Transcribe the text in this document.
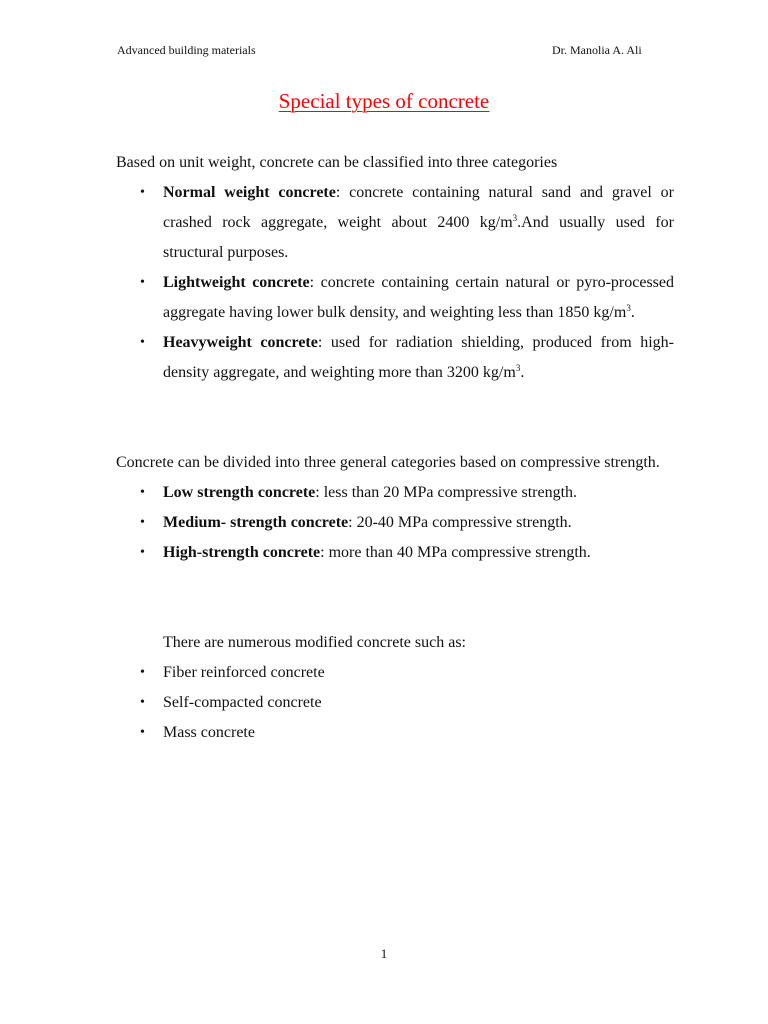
Advanced building materials	Dr. Manolia A. Ali
Special types of concrete

Based on unit weight, concrete can be classified into three categories

• Normal weight concrete: concrete containing natural sand and gravel or crashed rock aggregate, weight about 2400 $kg/m^3.And$ usually used for structural purposes.
• Lightweight concrete: concrete containing certain natural or pyro-processed aggregate having lower bulk density, and weighting less than 1850 $kg/m^3$.
• Heavyweight concrete: used for radiation shielding, produced from high-density aggregate, and weighting more than 3200 $kg/m^3$.

Concrete can be divided into three general categories based on compressive strength.

• Low strength concrete: less than 20 MPa compressive strength.
• Medium- strength concrete: 20-40 MPa compressive strength.
• High-strength concrete: more than 40 MPa compressive strength.

There are numerous modified concrete such as:

• Fiber reinforced concrete
• Self-compacted concrete
• Mass concrete
1
